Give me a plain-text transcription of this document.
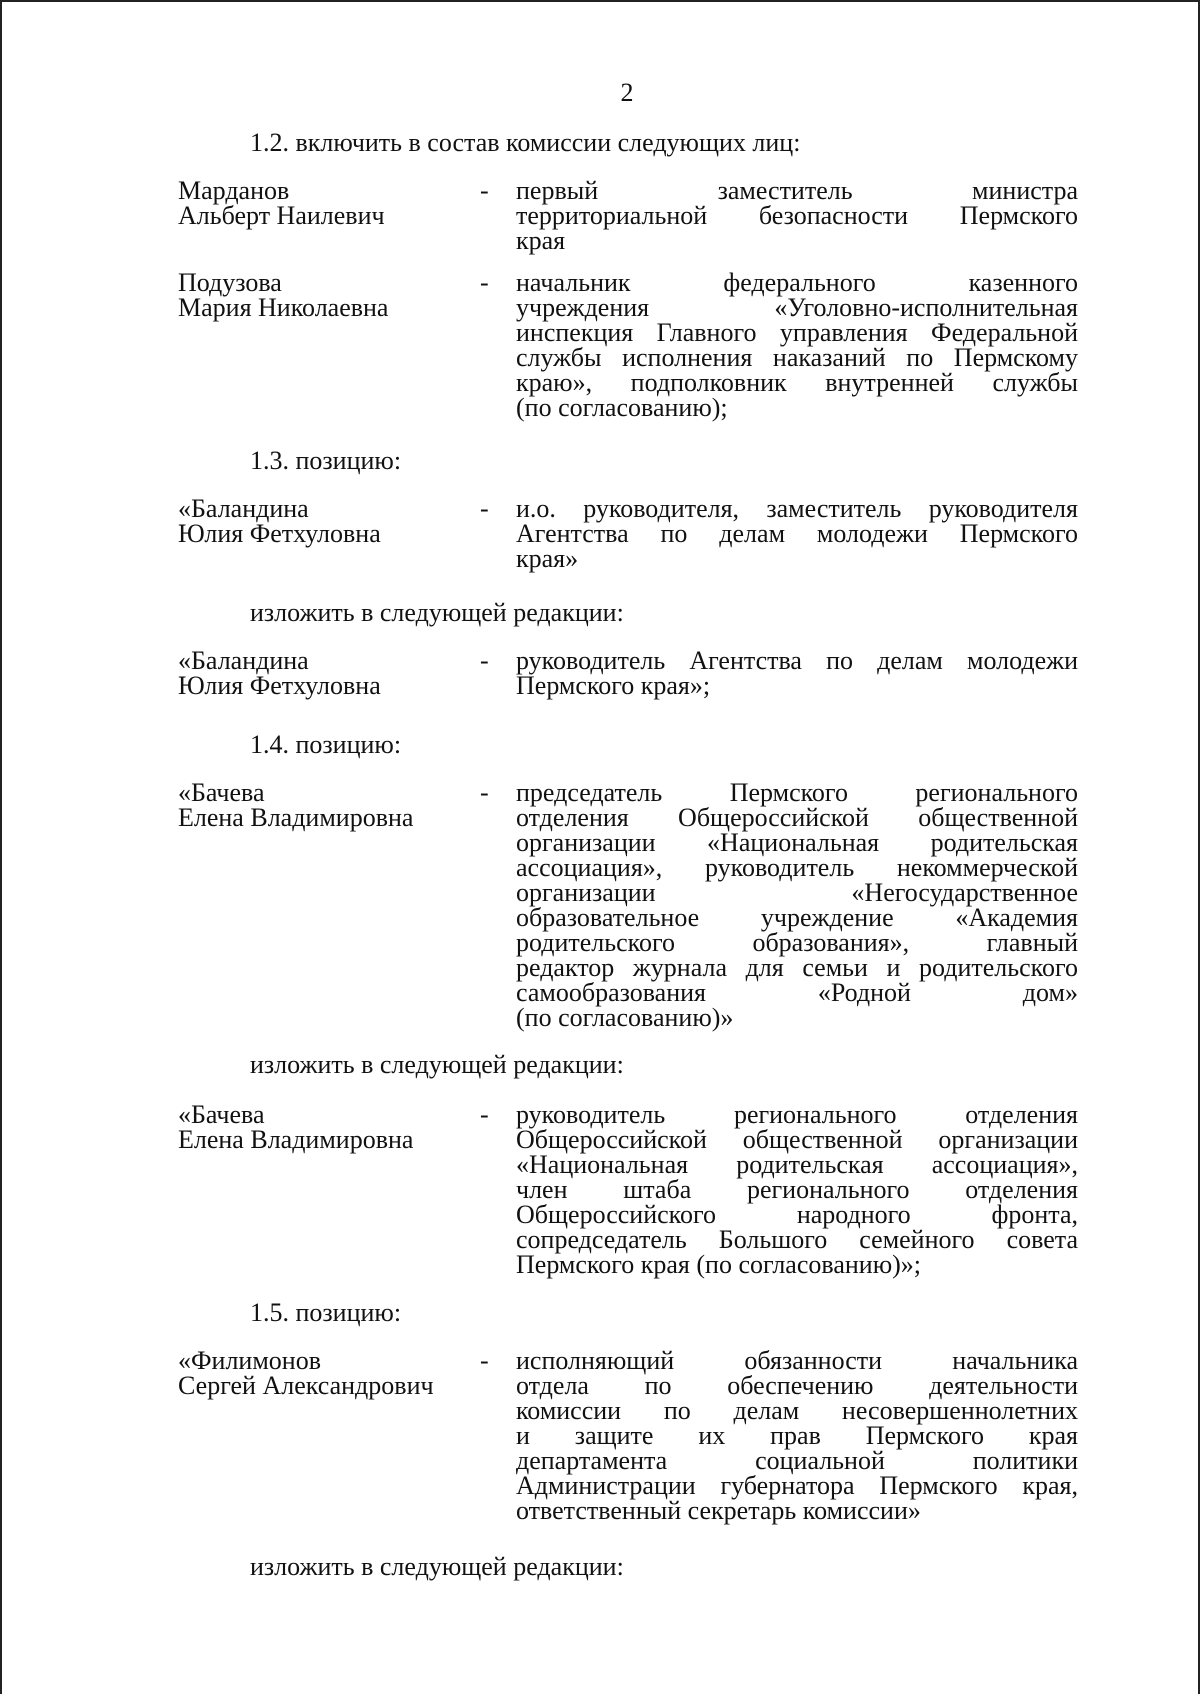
2
1.2. включить в состав комиссии следующих лиц:
Марданов
Альберт Наилевич
- первый заместитель министра
территориальной безопасности Пермского
края
Подузова
Мария Николаевна
- начальник федерального казенного
учреждения «Уголовно-исполнительная
инспекция Главного управления Федеральной
службы исполнения наказаний по Пермскому
краю», подполковник внутренней службы
(по согласованию);
1.3. позицию:
«Баландина
Юлия Фетхуловна
- и.о. руководителя, заместитель руководителя
Агентства по делам молодежи Пермского
края»
изложить в следующей редакции:
«Баландина
Юлия Фетхуловна
- руководитель Агентства по делам молодежи
Пермского края»;
1.4. позицию:
«Бачева
Елена Владимировна
- председатель Пермского регионального
отделения Общероссийской общественной
организации «Национальная родительская
ассоциация», руководитель некоммерческой
организации «Негосударственное
образовательное учреждение «Академия
родительского образования», главный
редактор журнала для семьи и родительского
самообразования «Родной дом»
(по согласованию)»
изложить в следующей редакции:
«Бачева
Елена Владимировна
- руководитель регионального отделения
Общероссийской общественной организации
«Национальная родительская ассоциация»,
член штаба регионального отделения
Общероссийского народного фронта,
сопредседатель Большого семейного совета
Пермского края (по согласованию)»;
1.5. позицию:
«Филимонов
Сергей Александрович
- исполняющий обязанности начальника
отдела по обеспечению деятельности
комиссии по делам несовершеннолетних
и защите их прав Пермского края
департамента социальной политики
Администрации губернатора Пермского края,
ответственный секретарь комиссии»
изложить в следующей редакции:
